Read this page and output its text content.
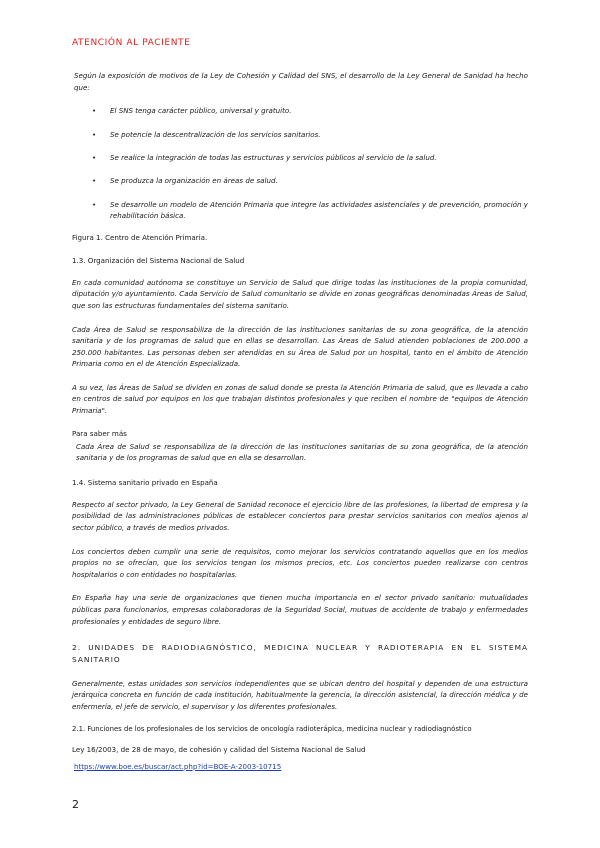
ATENCIÓN AL PACIENTE

Según la exposición de motivos de la Ley de Cohesión y Calidad del SNS, el desarrollo de la Ley General de Sanidad ha hecho que:

• El SNS tenga carácter público, universal y gratuito.
• Se potencie la descentralización de los servicios sanitarios.
• Se realice la integración de todas las estructuras y servicios públicos al servicio de la salud.
• Se produzca la organización en áreas de salud.
• Se desarrolle un modelo de Atención Primaria que integre las actividades asistenciales y de prevención, promoción y rehabilitación básica.
Figura 1. Centro de Atención Primaria.
1.3. Organización del Sistema Nacional de Salud

En cada comunidad autónoma se constituye un Servicio de Salud que dirige todas las instituciones de la propia comunidad, diputación y/o ayuntamiento. Cada Servicio de Salud comunitario se divide en zonas geográficas denominadas Áreas de Salud, que son las estructuras fundamentales del sistema sanitario.

Cada Área de Salud se responsabiliza de la dirección de las instituciones sanitarias de su zona geográfica, de la atención sanitaria y de los programas de salud que en ellas se desarrollan. Las Áreas de Salud atienden poblaciones de 200.000 a 250.000 habitantes. Las personas deben ser atendidas en su Área de Salud por un hospital, tanto en el ámbito de Atención Primaria como en el de Atención Especializada.

A su vez, las Áreas de Salud se dividen en zonas de salud donde se presta la Atención Primaria de salud, que es llevada a cabo en centros de salud por equipos en los que trabajan distintos profesionales y que reciben el nombre de "equipos de Atención Primaria".

Para saber más

Cada Área de Salud se responsabiliza de la dirección de las instituciones sanitarias de su zona geográfica, de la atención sanitaria y de los programas de salud que en ella se desarrollan.

1.4. Sistema sanitario privado en España

Respecto al sector privado, la Ley General de Sanidad reconoce el ejercicio libre de las profesiones, la libertad de empresa y la posibilidad de las administraciones públicas de establecer conciertos para prestar servicios sanitarios con medios ajenos al sector público, a través de medios privados.

Los conciertos deben cumplir una serie de requisitos, como mejorar los servicios contratando aquellos que en los medios propios no se ofrecían, que los servicios tengan los mismos precios, etc. Los conciertos pueden realizarse con centros hospitalarios o con entidades no hospitalarias.

En España hay una serie de organizaciones que tienen mucha importancia en el sector privado sanitario: mutualidades públicas para funcionarios, empresas colaboradoras de la Seguridad Social, mutuas de accidente de trabajo y enfermedades profesionales y entidades de seguro libre.

2. UNIDADES DE RADIODIAGNÓSTICO, MEDICINA NUCLEAR Y RADIOTERAPIA EN EL SISTEMA SANITARIO

Generalmente, estas unidades son servicios independientes que se ubican dentro del hospital y dependen de una estructura jerárquica concreta en función de cada institución, habitualmente la gerencia, la dirección asistencial, la dirección médica y de enfermería, el jefe de servicio, el supervisor y los diferentes profesionales.

2.1. Funciones de los profesionales de los servicios de oncología radioterápica, medicina nuclear y radiodiagnóstico
Ley 16/2003, de 28 de mayo, de cohesión y calidad del Sistema Nacional de Salud
https://www.boe.es/buscar/act.php?id=BOE-A-2003-10715
2
